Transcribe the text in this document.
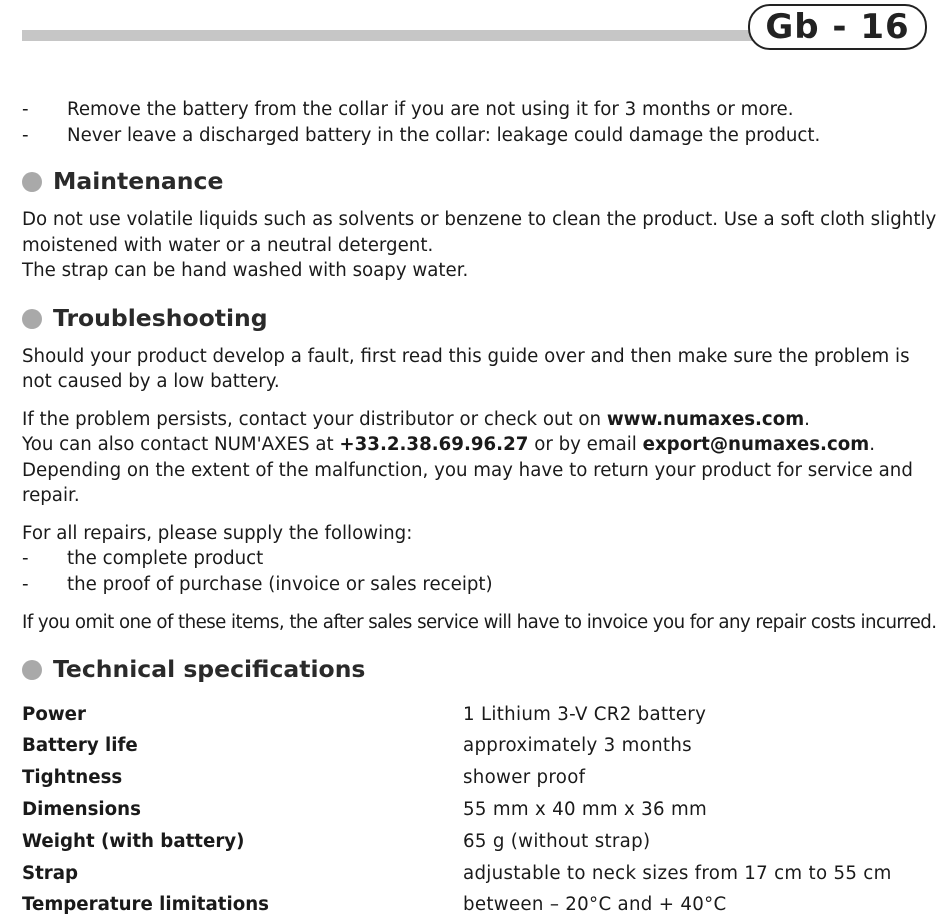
Gb - 16
- Remove the battery from the collar if you are not using it for 3 months or more.
- Never leave a discharged battery in the collar: leakage could damage the product.
Maintenance

Do not use volatile liquids such as solvents or benzene to clean the product. Use a soft cloth slightly moistened with water or a neutral detergent.

The strap can be hand washed with soapy water.

Troubleshooting

Should your product develop a fault, first read this guide over and then make sure the problem is not caused by a low battery.

If the problem persists, contact your distributor or check out on www.numaxes.com.

You can also contact NUM'AXES at +33.2.38.69.96.27 or by email export@numaxes.com.

Depending on the extent of the malfunction, you may have to return your product for service and repair.

For all repairs, please supply the following:

- the complete product
- the proof of purchase (invoice or sales receipt)

If you omit one of these items, the after sales service will have to invoice you for any repair costs incurred.

Technical specifications
Power	1 Lithium 3-V CR2 battery
Battery life	approximately 3 months
Tightness	shower proof
Dimensions	55 mm x 40 mm x 36 mm
Weight (with battery)	65 g (without strap)
Strap	adjustable to neck sizes from 17 cm to 55 cm
Temperature limitations	between – 20°C and + 40°C
